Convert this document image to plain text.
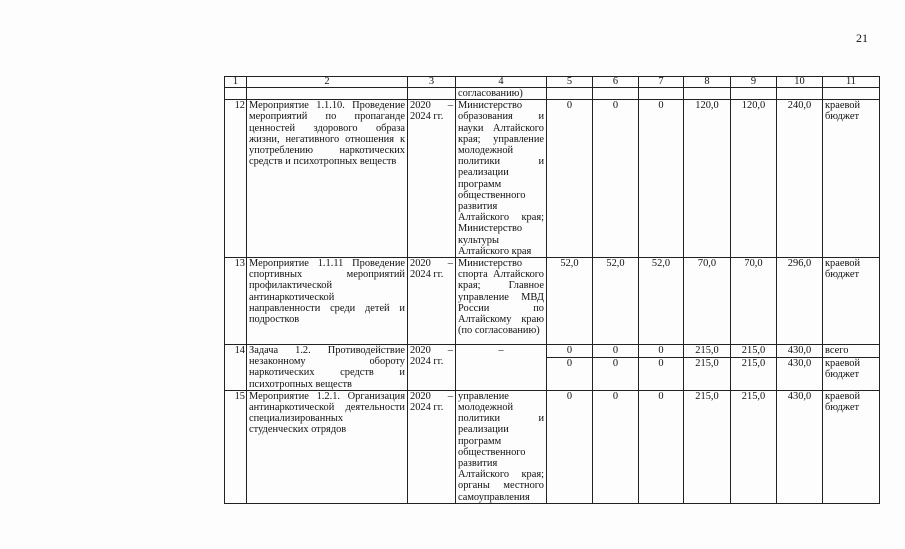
21
1	2	3	4	5	6	7	8	9	10	11
			согласованию)							
12	Мероприятие 1.1.10. Проведение мероприятий по пропаганде ценностей здорового образа жизни, негативного отношения к употреблению наркотических средств и психотропных веществ	2020 – 2024 гг.	Министерство образования и науки Алтайского края; управление молодежной политики и реализации программ общественного развития Алтайского края; Министерство культуры Алтайского края	0	0	0	120,0	120,0	240,0	краевой бюджет
13	Мероприятие 1.1.11 Проведение спортивных мероприятий профилактической антинаркотической направленности среди детей и подростков	2020 – 2024 гг.	Министерство спорта Алтайского края; Главное управление МВД России по Алтайскому краю (по согласованию)	52,0	52,0	52,0	70,0	70,0	296,0	краевой бюджет
14	Задача 1.2. Противодействие незаконному обороту наркотических средств и психотропных веществ	2020 – 2024 гг.	–	0	0	0	215,0	215,0	430,0	всего
				0	0	0	215,0	215,0	430,0	краевой бюджет
15	Мероприятие 1.2.1. Организация антинаркотической деятельности специализированных студенческих отрядов	2020 – 2024 гг.	управление молодежной политики и реализации программ общественного развития Алтайского края; органы местного самоуправления	0	0	0	215,0	215,0	430,0	краевой бюджет
